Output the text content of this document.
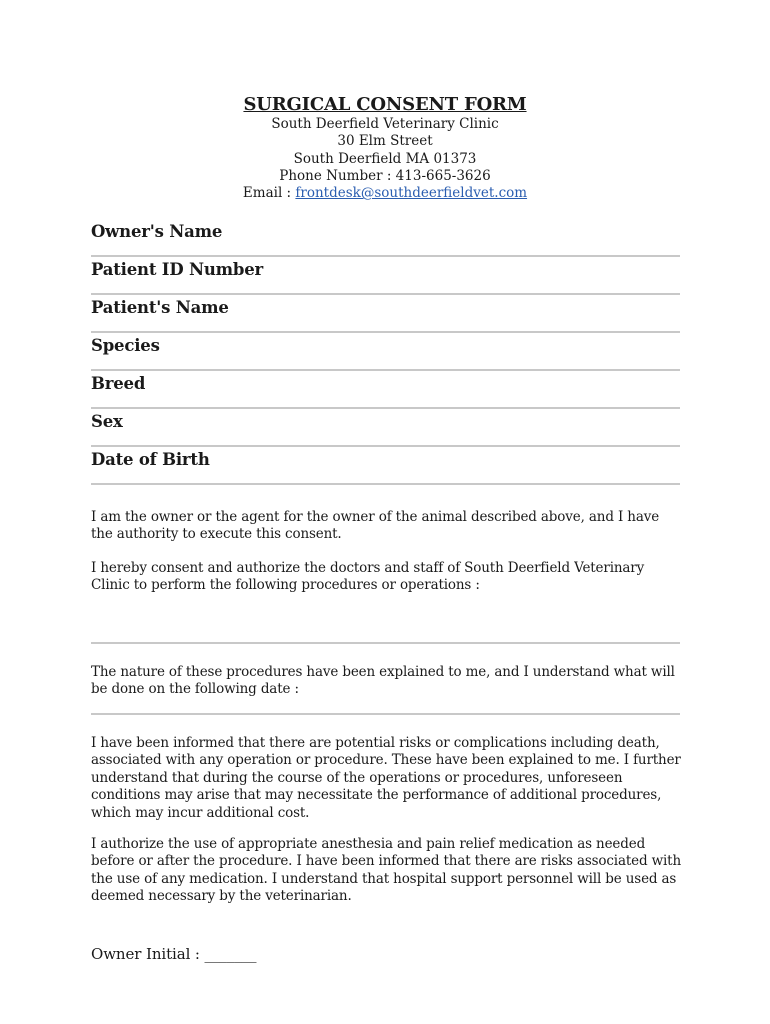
SURGICAL CONSENT FORM
South Deerfield Veterinary Clinic
30 Elm Street
South Deerfield MA 01373
Phone Number : 413-665-3626
Email : frontdesk@southdeerfieldvet.com
Owner's Name
Patient ID Number
Patient's Name
Species
Breed
Sex
Date of Birth

I am the owner or the agent for the owner of the animal described above, and I have the authority to execute this consent.

I hereby consent and authorize the doctors and staff of South Deerfield Veterinary Clinic to perform the following procedures or operations :

The nature of these procedures have been explained to me, and I understand what will be done on the following date :

I have been informed that there are potential risks or complications including death, associated with any operation or procedure. These have been explained to me. I further understand that during the course of the operations or procedures, unforeseen conditions may arise that may necessitate the performance of additional procedures, which may incur additional cost.

I authorize the use of appropriate anesthesia and pain relief medication as needed before or after the procedure. I have been informed that there are risks associated with the use of any medication. I understand that hospital support personnel will be used as deemed necessary by the veterinarian.

Owner Initial : _______
